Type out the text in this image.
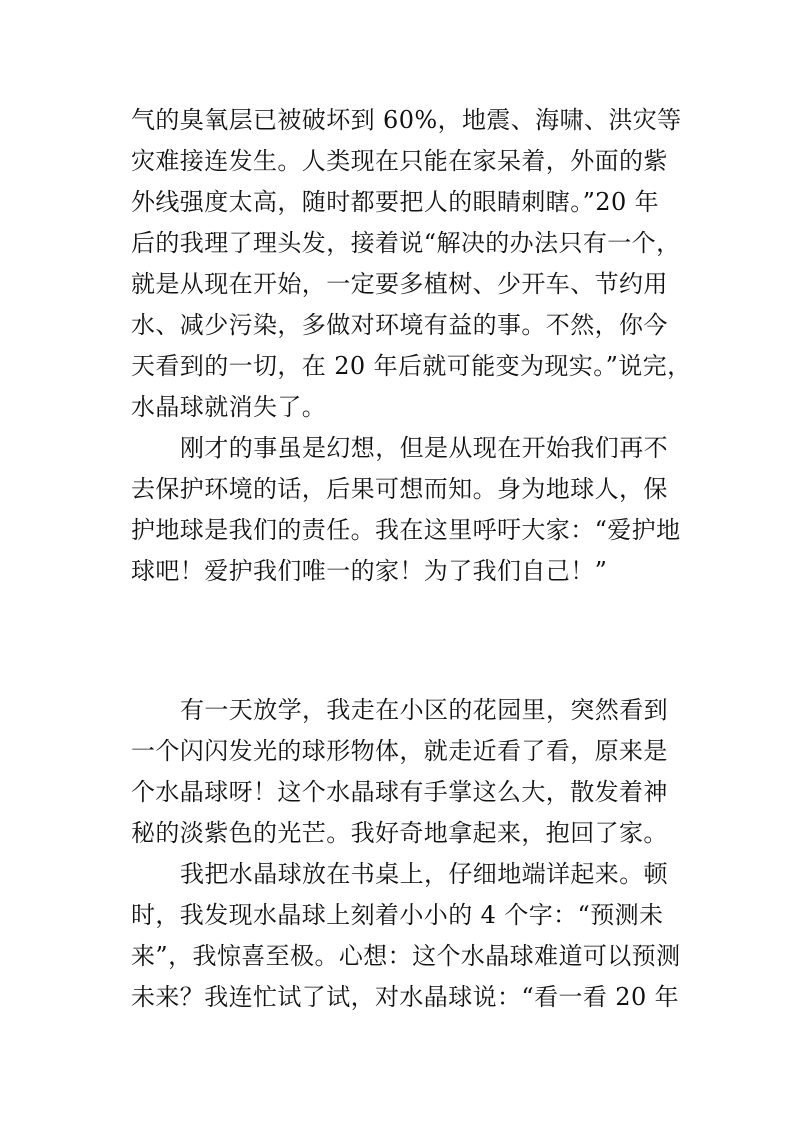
气的臭氧层已被破坏到 60%，地震、海啸、洪灾等
灾难接连发生。人类现在只能在家呆着，外面的紫
外线强度太高，随时都要把人的眼睛刺瞎。”20 年
后的我理了理头发，接着说“解决的办法只有一个，
就是从现在开始，一定要多植树、少开车、节约用
水、减少污染，多做对环境有益的事。不然，你今
天看到的一切，在 20 年后就可能变为现实。”说完，
水晶球就消失了。
刚才的事虽是幻想，但是从现在开始我们再不
去保护环境的话，后果可想而知。身为地球人，保
护地球是我们的责任。我在这里呼吁大家：“爱护地
球吧！爱护我们唯一的家！为了我们自己！”
有一天放学，我走在小区的花园里，突然看到
一个闪闪发光的球形物体，就走近看了看，原来是
个水晶球呀！这个水晶球有手掌这么大，散发着神
秘的淡紫色的光芒。我好奇地拿起来，抱回了家。
我把水晶球放在书桌上，仔细地端详起来。顿
时，我发现水晶球上刻着小小的 4 个字：“预测未
来”，我惊喜至极。心想：这个水晶球难道可以预测
未来？我连忙试了试，对水晶球说：“看一看 20 年
